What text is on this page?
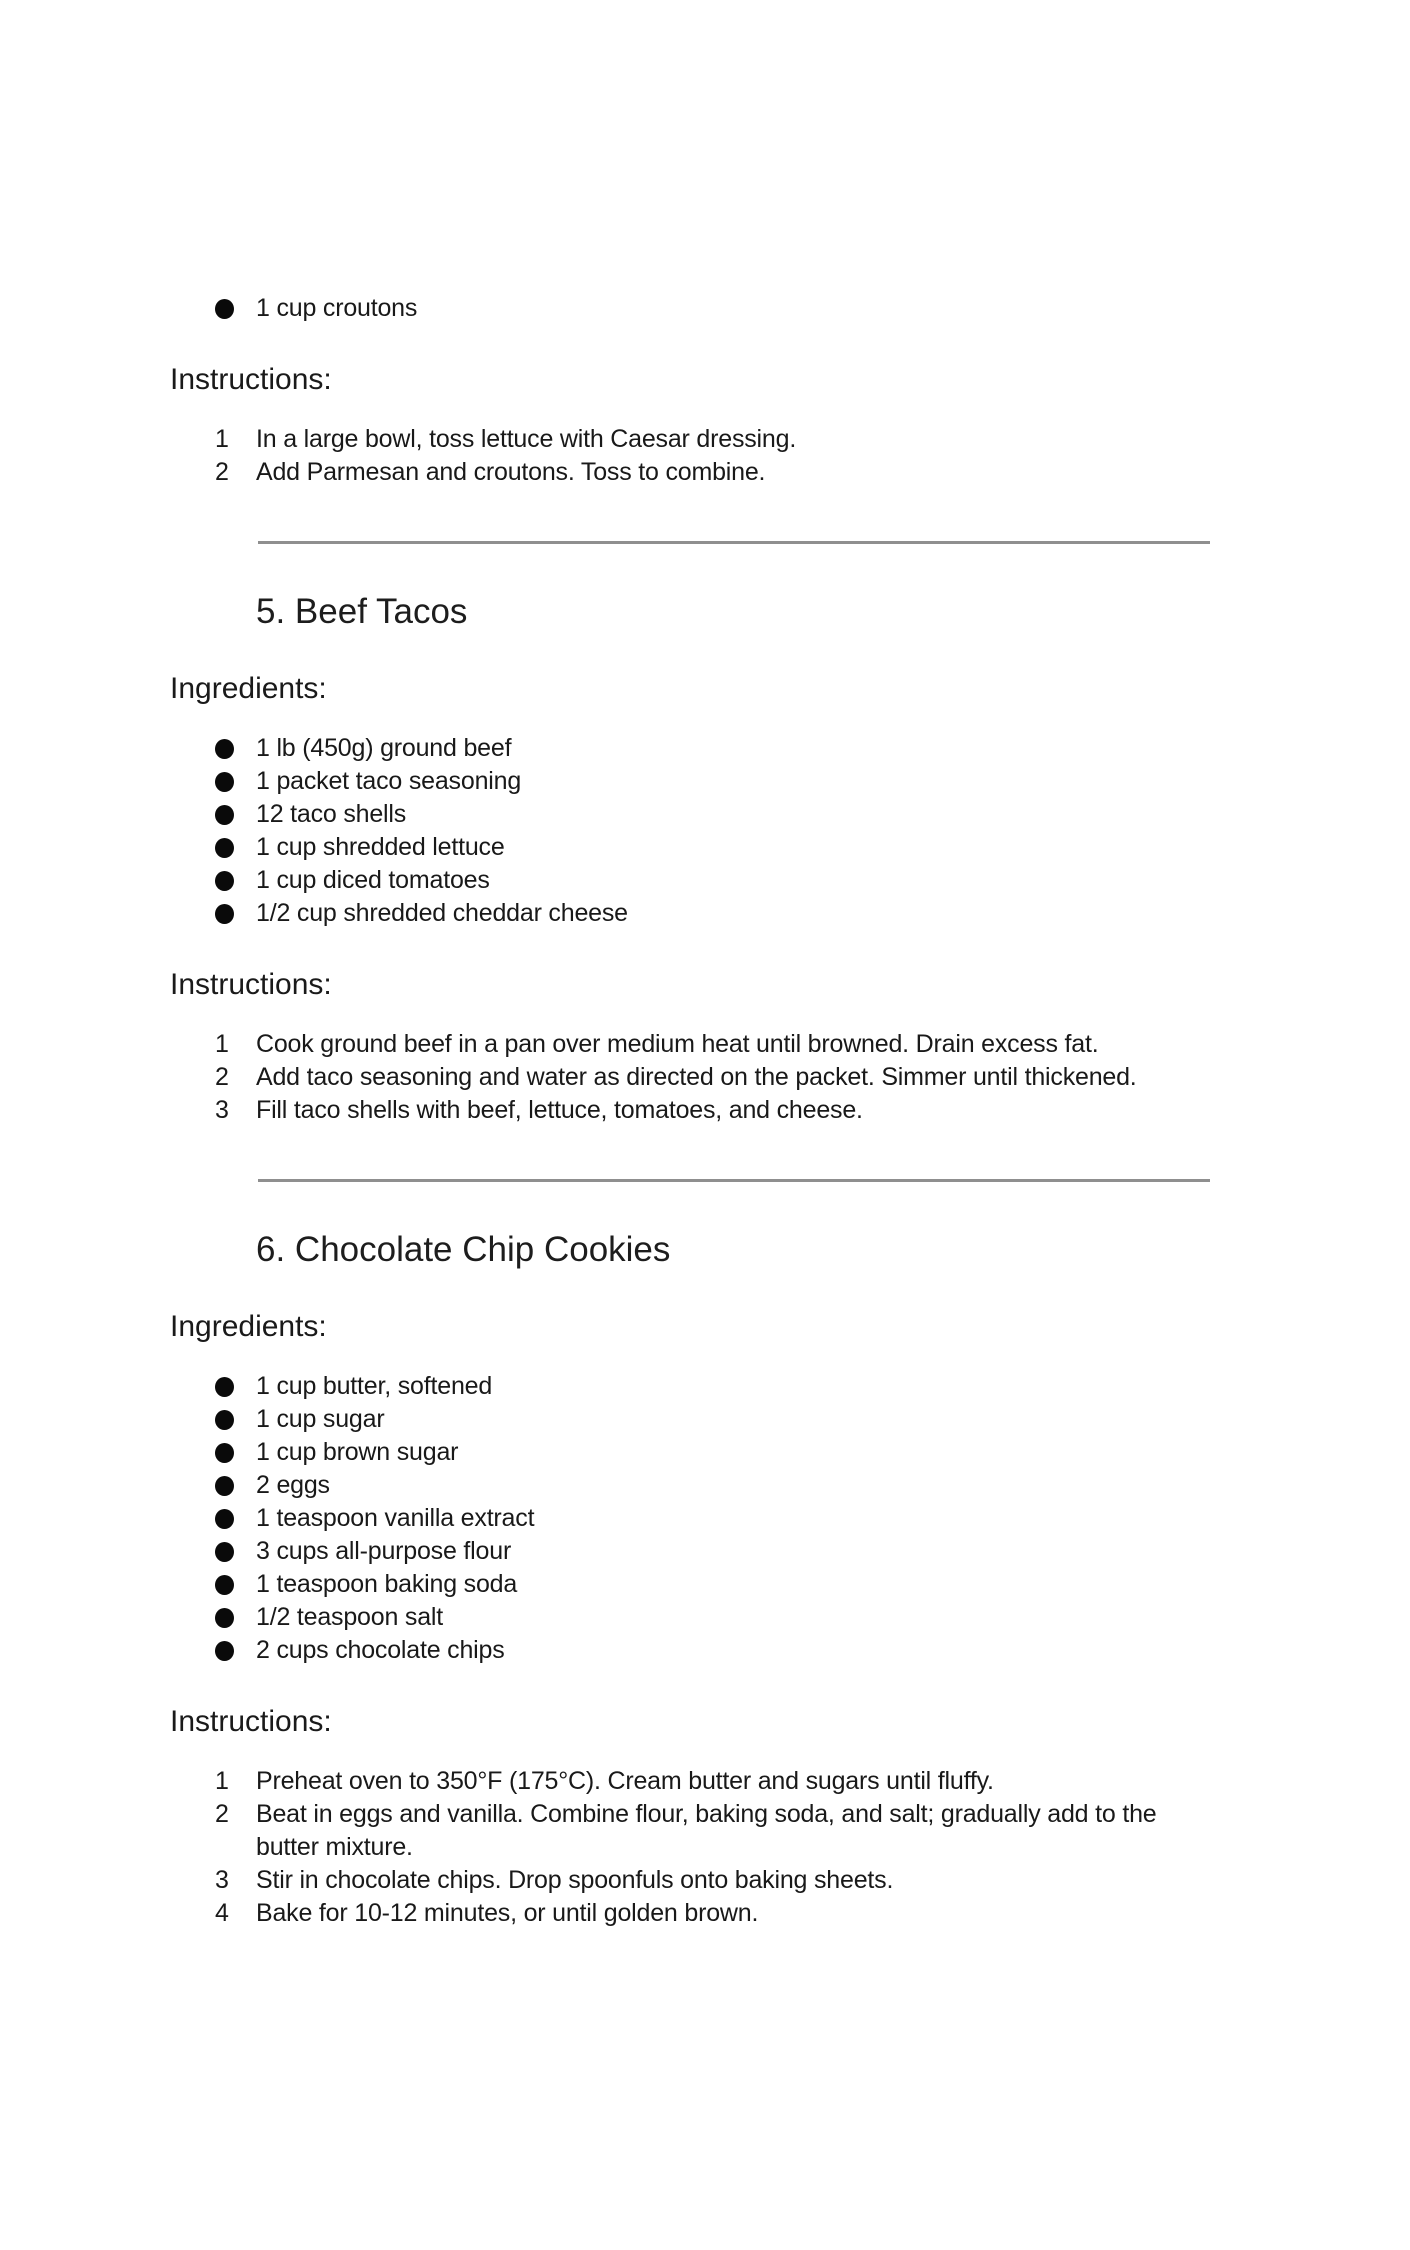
1 cup croutons
Instructions:
1	In a large bowl, toss lettuce with Caesar dressing.
2	Add Parmesan and croutons. Toss to combine.
5. Beef Tacos
Ingredients:
1 lb (450g) ground beef
1 packet taco seasoning
12 taco shells
1 cup shredded lettuce
1 cup diced tomatoes
1/2 cup shredded cheddar cheese
Instructions:
1	Cook ground beef in a pan over medium heat until browned. Drain excess fat.
2	Add taco seasoning and water as directed on the packet. Simmer until thickened.
3	Fill taco shells with beef, lettuce, tomatoes, and cheese.
6. Chocolate Chip Cookies
Ingredients:
1 cup butter, softened
1 cup sugar
1 cup brown sugar
2 eggs
1 teaspoon vanilla extract
3 cups all-purpose flour
1 teaspoon baking soda
1/2 teaspoon salt
2 cups chocolate chips
Instructions:
1	Preheat oven to 350°F (175°C). Cream butter and sugars until fluffy.
2	Beat in eggs and vanilla. Combine flour, baking soda, and salt; gradually add to the butter mixture.
3	Stir in chocolate chips. Drop spoonfuls onto baking sheets.
4	Bake for 10-12 minutes, or until golden brown.
